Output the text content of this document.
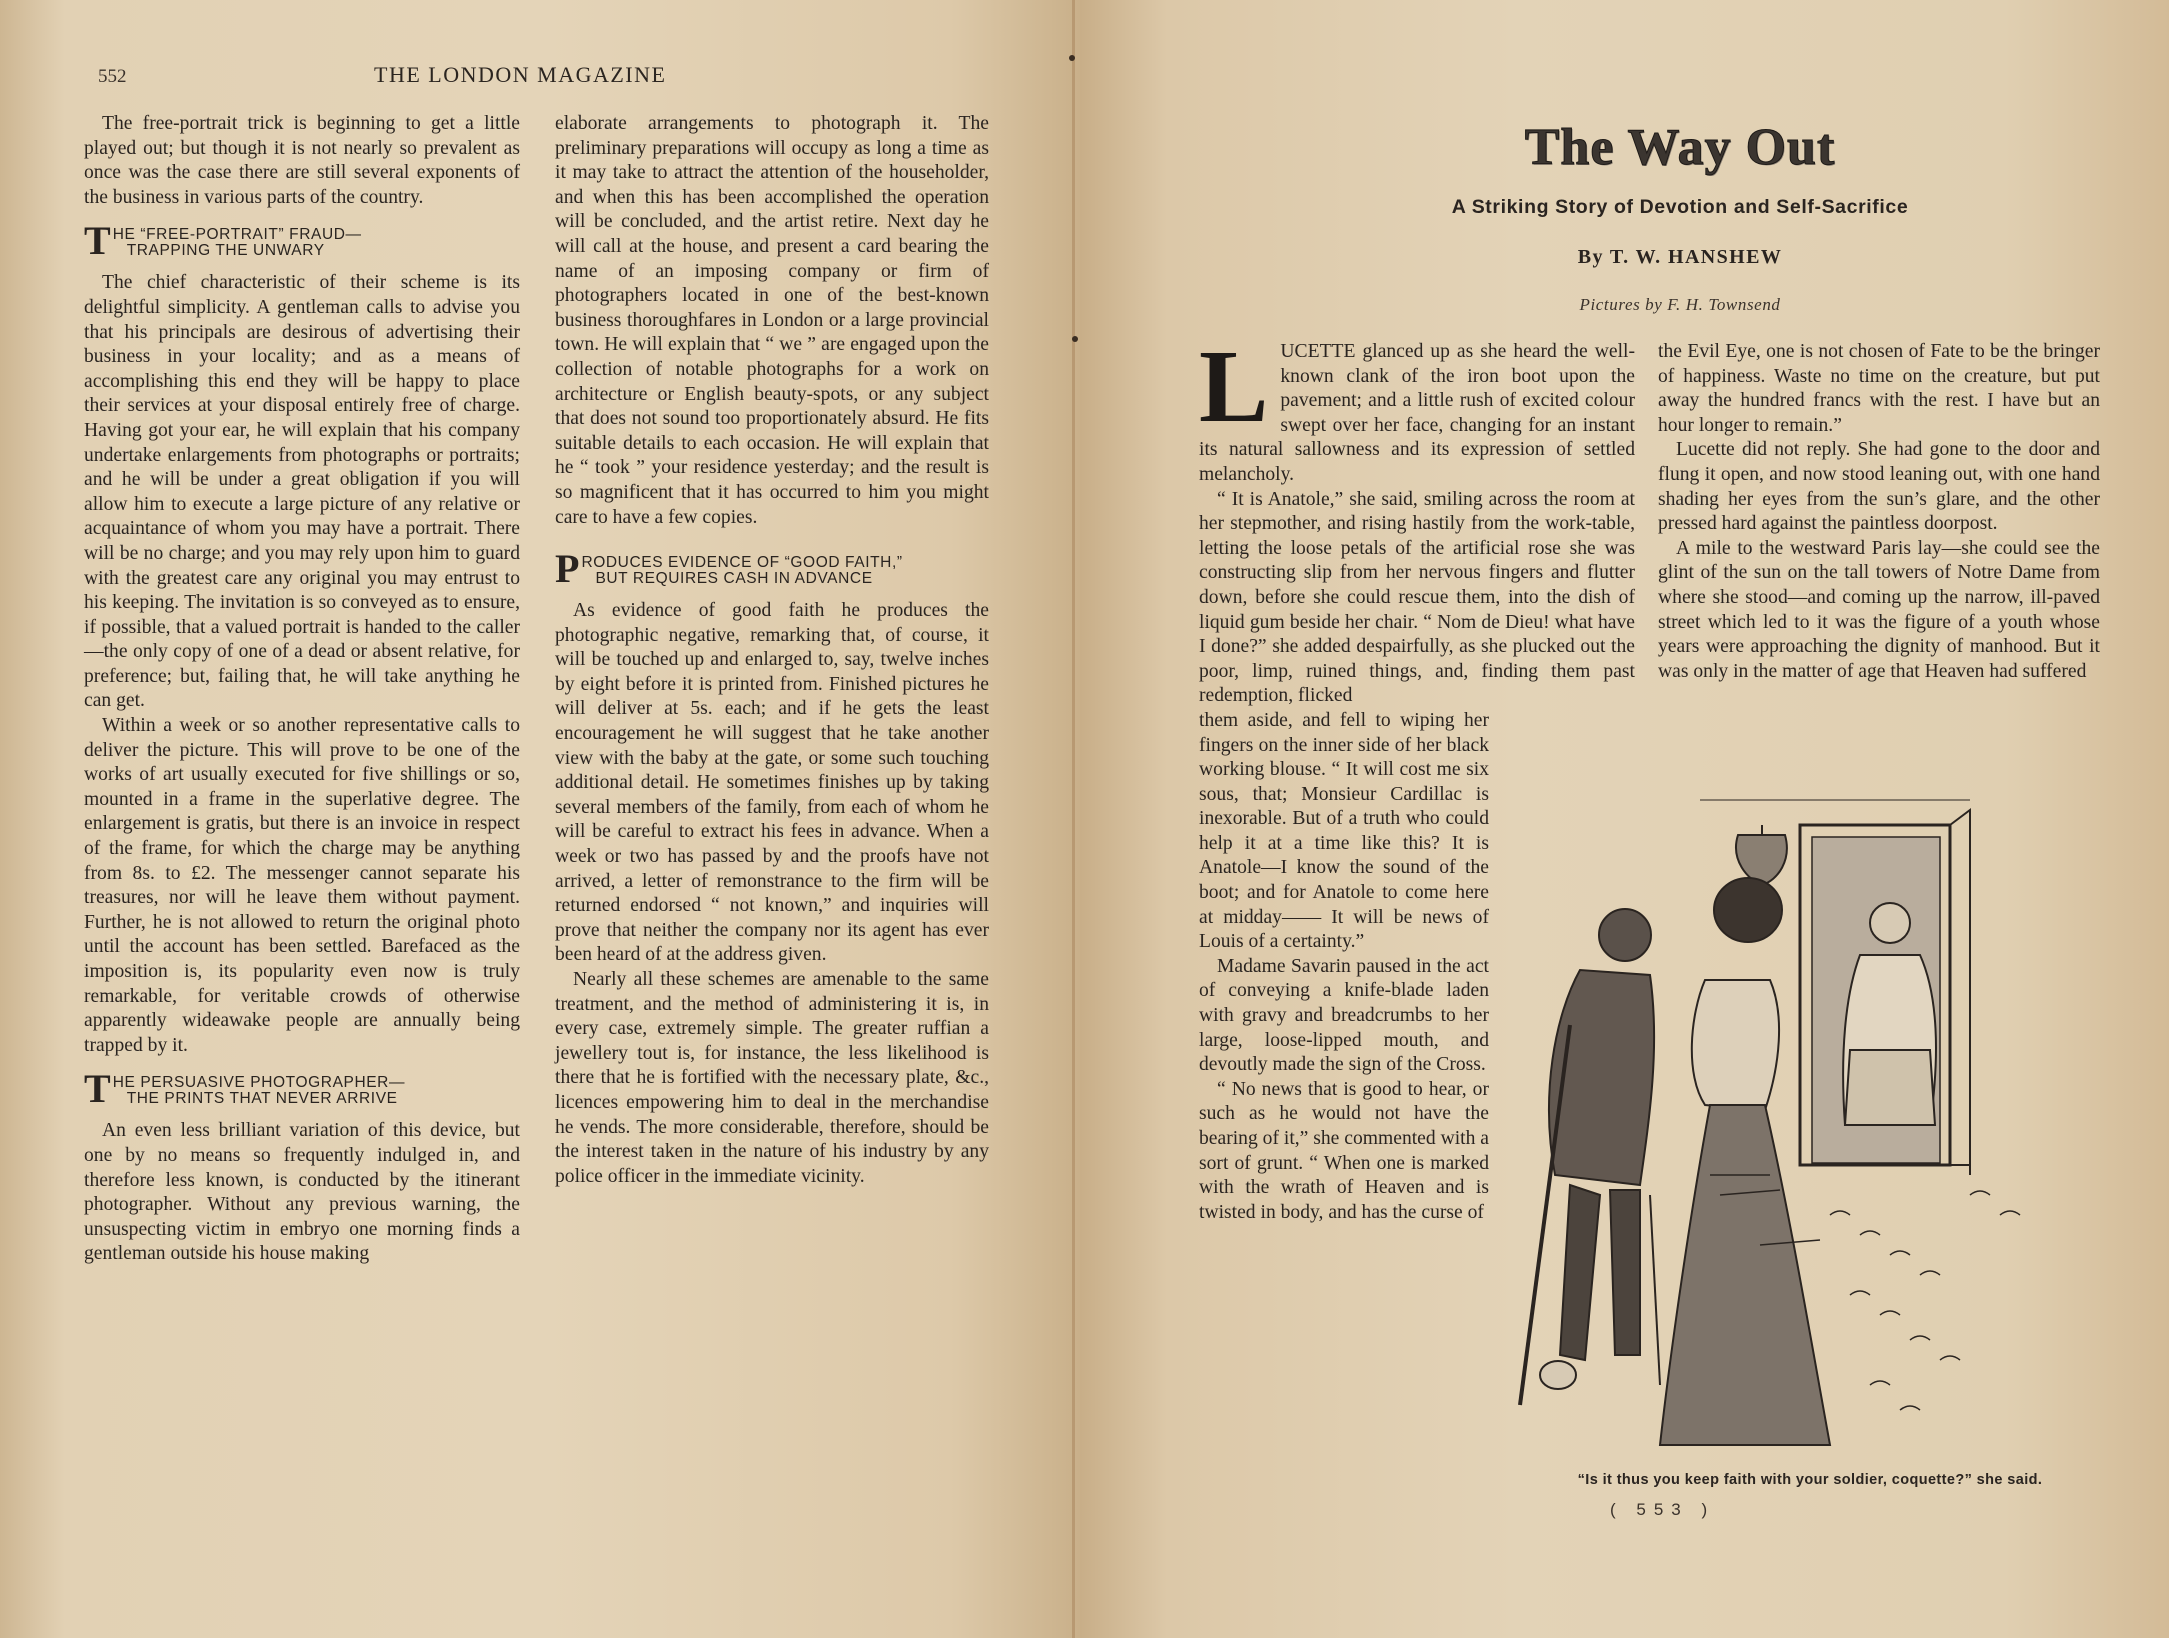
552	THE LONDON MAGAZINE

The free-portrait trick is beginning to get a little played out; but though it is not nearly so prevalent as once was the case there are still several exponents of the business in various parts of the country.

T HE “FREE-PORTRAIT” FRAUD—
TRAPPING THE UNWARY

The chief characteristic of their scheme is its delightful simplicity. A gentleman calls to advise you that his principals are desirous of advertising their business in your locality; and as a means of accomplishing this end they will be happy to place their services at your disposal entirely free of charge. Having got your ear, he will explain that his company undertake enlargements from photographs or portraits; and he will be under a great obligation if you will allow him to execute a large picture of any relative or acquaintance of whom you may have a portrait. There will be no charge; and you may rely upon him to guard with the greatest care any original you may entrust to his keeping. The invitation is so conveyed as to ensure, if possible, that a valued portrait is handed to the caller—the only copy of one of a dead or absent relative, for preference; but, failing that, he will take anything he can get.

Within a week or so another representative calls to deliver the picture. This will prove to be one of the works of art usually executed for five shillings or so, mounted in a frame in the superlative degree. The enlargement is gratis, but there is an invoice in respect of the frame, for which the charge may be anything from 8s. to £2. The messenger cannot separate his treasures, nor will he leave them without payment. Further, he is not allowed to return the original photo until the account has been settled. Barefaced as the imposition is, its popularity even now is truly remarkable, for veritable crowds of otherwise apparently wideawake people are annually being trapped by it.

T HE PERSUASIVE PHOTOGRAPHER—
THE PRINTS THAT NEVER ARRIVE

An even less brilliant variation of this device, but one by no means so frequently indulged in, and therefore less known, is conducted by the itinerant photographer. Without any previous warning, the unsuspecting victim in embryo one morning finds a gentleman outside his house making

elaborate arrangements to photograph it. The preliminary preparations will occupy as long a time as it may take to attract the attention of the householder, and when this has been accomplished the operation will be concluded, and the artist retire. Next day he will call at the house, and present a card bearing the name of an imposing company or firm of photographers located in one of the best-known business thoroughfares in London or a large provincial town. He will explain that “ we ” are engaged upon the collection of notable photographs for a work on architecture or English beauty-spots, or any subject that does not sound too proportionately absurd. He fits suitable details to each occasion. He will explain that he “ took ” your residence yesterday; and the result is so magnificent that it has occurred to him you might care to have a few copies.

P RODUCES EVIDENCE OF “GOOD FAITH,”
BUT REQUIRES CASH IN ADVANCE

As evidence of good faith he produces the photographic negative, remarking that, of course, it will be touched up and enlarged to, say, twelve inches by eight before it is printed from. Finished pictures he will deliver at 5s. each; and if he gets the least encouragement he will suggest that he take another view with the baby at the gate, or some such touching additional detail. He sometimes finishes up by taking several members of the family, from each of whom he will be careful to extract his fees in advance. When a week or two has passed by and the proofs have not arrived, a letter of remonstrance to the firm will be returned endorsed “ not known,” and inquiries will prove that neither the company nor its agent has ever been heard of at the address given.

Nearly all these schemes are amenable to the same treatment, and the method of administering it is, in every case, extremely simple. The greater ruffian a jewellery tout is, for instance, the less likelihood is there that he is fortified with the necessary plate, &c., licences empowering him to deal in the merchandise he vends. The more considerable, therefore, should be the interest taken in the nature of his industry by any police officer in the immediate vicinity.

The Way Out
A Striking Story of Devotion and Self-Sacrifice
By T. W. HANSHEW
Pictures by F. H. Townsend

LUCETTE glanced up as she heard the well-known clank of the iron boot upon the pavement; and a little rush of excited colour swept over her face, changing for an instant its natural sallowness and its expression of settled melancholy.

“ It is Anatole,” she said, smiling across the room at her stepmother, and rising hastily from the work-table, letting the loose petals of the artificial rose she was constructing slip from her nervous fingers and flutter down, before she could rescue them, into the dish of liquid gum beside her chair. “ Nom de Dieu! what have I done?” she added despairfully, as she plucked out the poor, limp, ruined things, and, finding them past redemption, flicked

them aside, and fell to wiping her fingers on the inner side of her black working blouse. “ It will cost me six sous, that; Monsieur Cardillac is inexorable. But of a truth who could help it at a time like this? It is Anatole—I know the sound of the boot; and for Anatole to come here at midday—— It will be news of Louis of a certainty.”

Madame Savarin paused in the act of conveying a knife-blade laden with gravy and breadcrumbs to her large, loose-lipped mouth, and devoutly made the sign of the Cross.

“ No news that is good to hear, or such as he would not have the bearing of it,” she commented with a sort of grunt. “ When one is marked with the wrath of Heaven and is twisted in body, and has the curse of

the Evil Eye, one is not chosen of Fate to be the bringer of happiness. Waste no time on the creature, but put away the hundred francs with the rest. I have but an hour longer to remain.”

Lucette did not reply. She had gone to the door and flung it open, and now stood leaning out, with one hand shading her eyes from the sun’s glare, and the other pressed hard against the paintless doorpost.

A mile to the westward Paris lay—she could see the glint of the sun on the tall towers of Notre Dame from where she stood—and coming up the narrow, ill-paved street which led to it was the figure of a youth whose years were approaching the dignity of manhood. But it was only in the matter of age that Heaven had suffered

“Is it thus you keep faith with your soldier, coquette?” she said.
( 553 )
